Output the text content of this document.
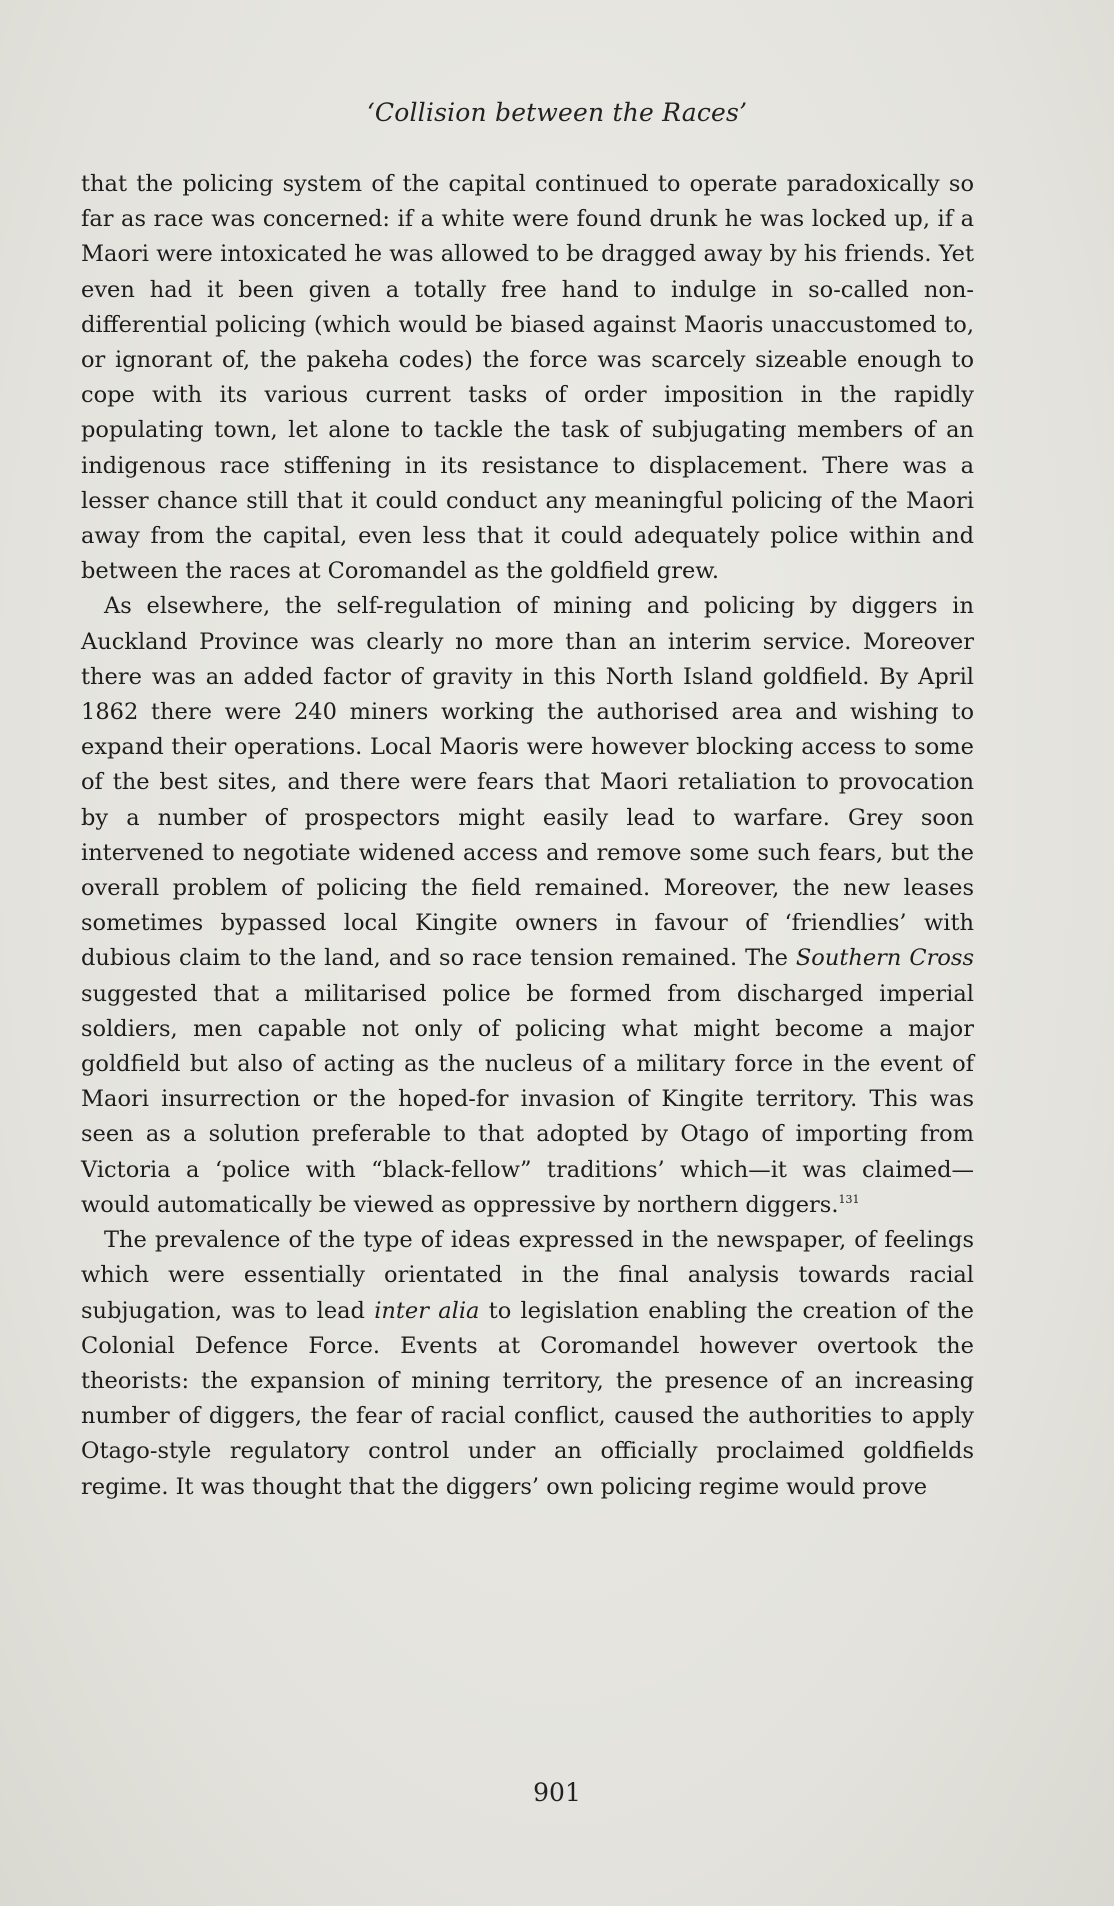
‘Collision between the Races’

that the policing system of the capital continued to operate paradoxically so far as race was concerned: if a white were found drunk he was locked up, if a Maori were intoxicated he was allowed to be dragged away by his friends. Yet even had it been given a totally free hand to indulge in so-called non-differential policing (which would be biased against Maoris unaccustomed to, or ignorant of, the pakeha codes) the force was scarcely sizeable enough to cope with its various current tasks of order imposition in the rapidly populating town, let alone to tackle the task of subjugating members of an indigenous race stiffening in its resistance to displacement. There was a lesser chance still that it could conduct any meaningful policing of the Maori away from the capital, even less that it could adequately police within and between the races at Coromandel as the goldfield grew.

As elsewhere, the self-regulation of mining and policing by diggers in Auckland Province was clearly no more than an interim service. Moreover there was an added factor of gravity in this North Island goldfield. By April 1862 there were 240 miners working the authorised area and wishing to expand their operations. Local Maoris were however blocking access to some of the best sites, and there were fears that Maori retaliation to provocation by a number of prospectors might easily lead to warfare. Grey soon intervened to negotiate widened access and remove some such fears, but the overall problem of policing the field remained. Moreover, the new leases sometimes bypassed local Kingite owners in favour of ‘friendlies’ with dubious claim to the land, and so race tension remained. The Southern Cross suggested that a militarised police be formed from discharged imperial soldiers, men capable not only of policing what might become a major goldfield but also of acting as the nucleus of a military force in the event of Maori insurrection or the hoped-for invasion of Kingite territory. This was seen as a solution preferable to that adopted by Otago of importing from Victoria a ‘police with “black-fellow” traditions’ which—it was claimed—would automatically be viewed as oppressive by northern diggers.$^{131}$

The prevalence of the type of ideas expressed in the newspaper, of feelings which were essentially orientated in the final analysis towards racial subjugation, was to lead inter alia to legislation enabling the creation of the Colonial Defence Force. Events at Coromandel however overtook the theorists: the expansion of mining territory, the presence of an increasing number of diggers, the fear of racial conflict, caused the authorities to apply Otago-style regulatory control under an officially proclaimed goldfields regime. It was thought that the diggers’ own policing regime would prove

901
